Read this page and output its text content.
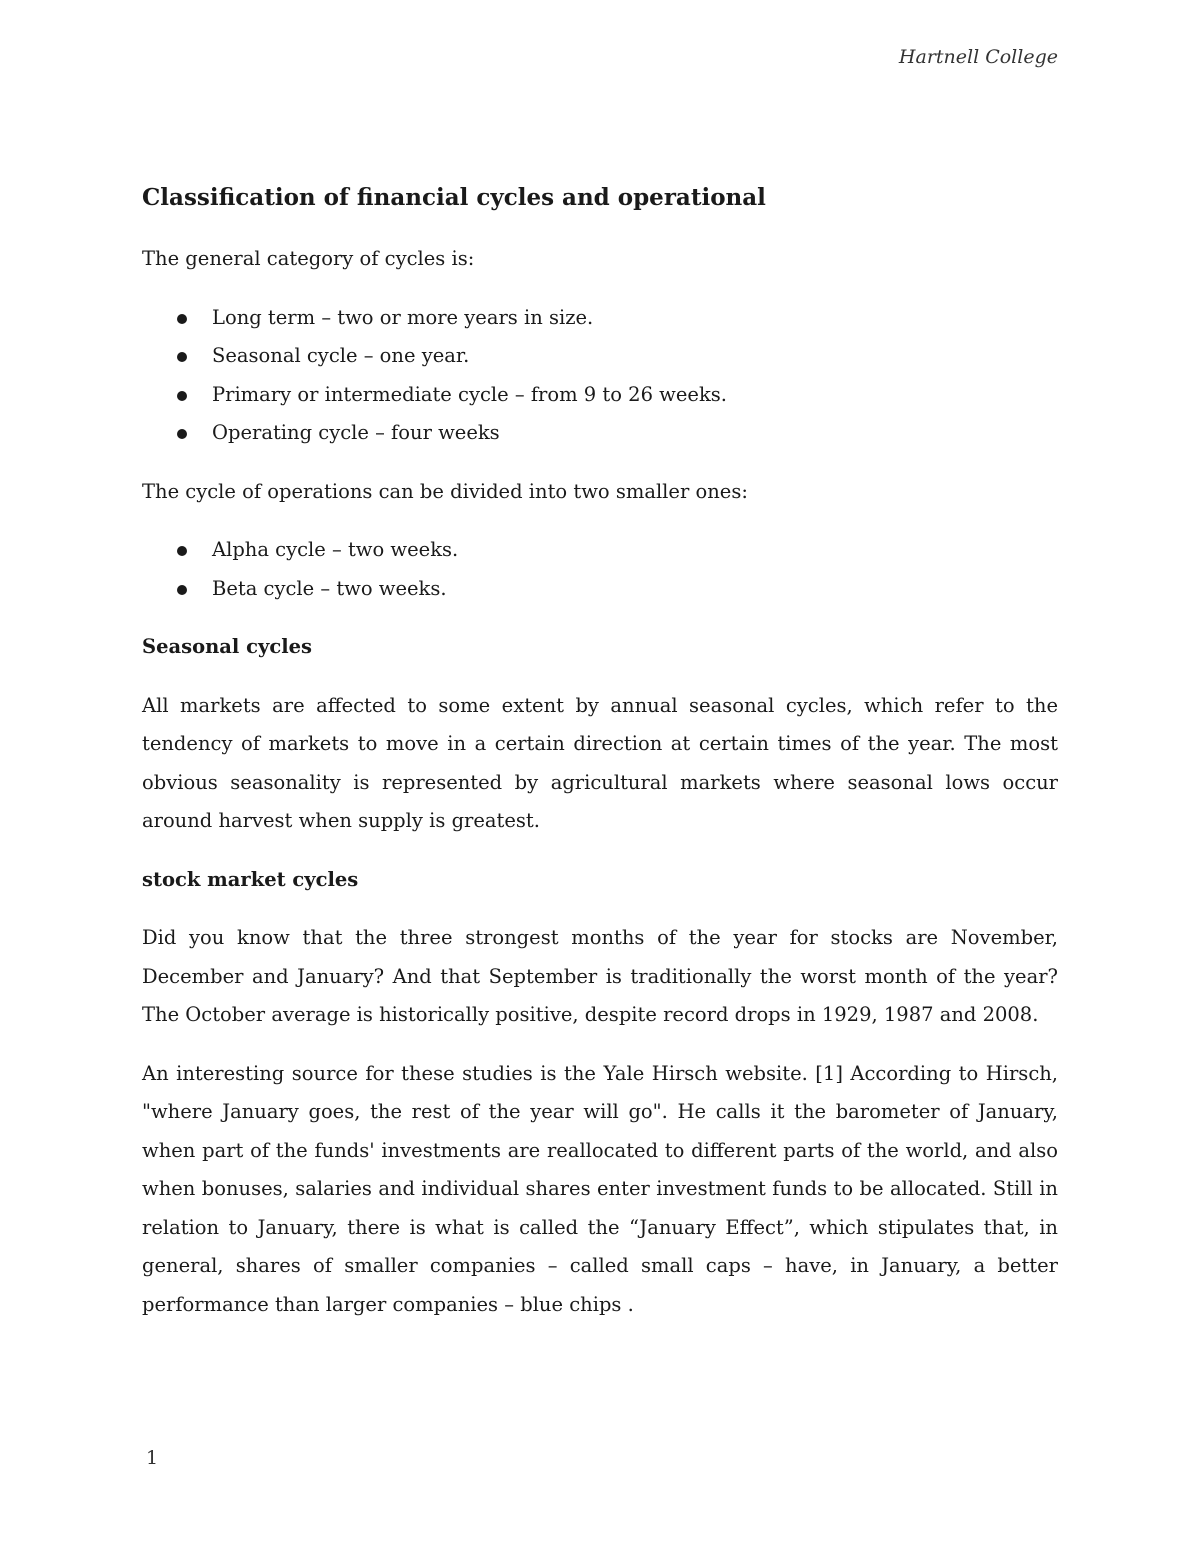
Hartnell College
Classification of financial cycles and operational

The general category of cycles is:

Long term – two or more years in size.
Seasonal cycle – one year.
Primary or intermediate cycle – from 9 to 26 weeks.
Operating cycle – four weeks

The cycle of operations can be divided into two smaller ones:

Alpha cycle – two weeks.
Beta cycle – two weeks.
Seasonal cycles

All markets are affected to some extent by annual seasonal cycles, which refer to the tendency of markets to move in a certain direction at certain times of the year. The most obvious seasonality is represented by agricultural markets where seasonal lows occur around harvest when supply is greatest.

stock market cycles

Did you know that the three strongest months of the year for stocks are November, December and January? And that September is traditionally the worst month of the year? The October average is historically positive, despite record drops in 1929, 1987 and 2008.

An interesting source for these studies is the Yale Hirsch website. [1] According to Hirsch, "where January goes, the rest of the year will go". He calls it the barometer of January, when part of the funds' investments are reallocated to different parts of the world, and also when bonuses, salaries and individual shares enter investment funds to be allocated. Still in relation to January, there is what is called the “January Effect”, which stipulates that, in general, shares of smaller companies – called small caps – have, in January, a better performance than larger companies – blue chips .

1
